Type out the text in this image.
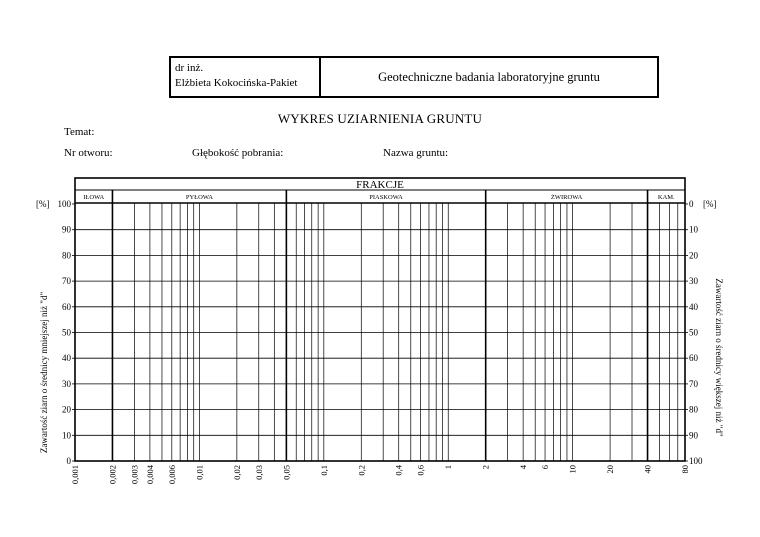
dr inż.
Elżbieta Kokocińska-Pakiet	Geotechniczne badania laboratoryjne gruntu
WYKRES UZIARNIENIA GRUNTU
Temat:
Nr otworu:	Głębokość pobrania:	Nazwa gruntu:
FRAKCJE
IŁOWA	PYŁOWA	PIASKOWA	ŻWIROWA	KAM.
[%]
0
10
20
30
40
50
60
70
80
90
100
Zawartość ziarn o średnicy mniejszej niż "d"
[%]
100
90
80
70
60
50
40
30
20
10
0
Zawartość ziarn o średnicy większej niż "d"
0,001	0,002 0,003 0,004 0,006 0,01	0,02 0,03 0,05	0,1	0,2	0,4 0,6 1	2	4 6 10	20	40	80
